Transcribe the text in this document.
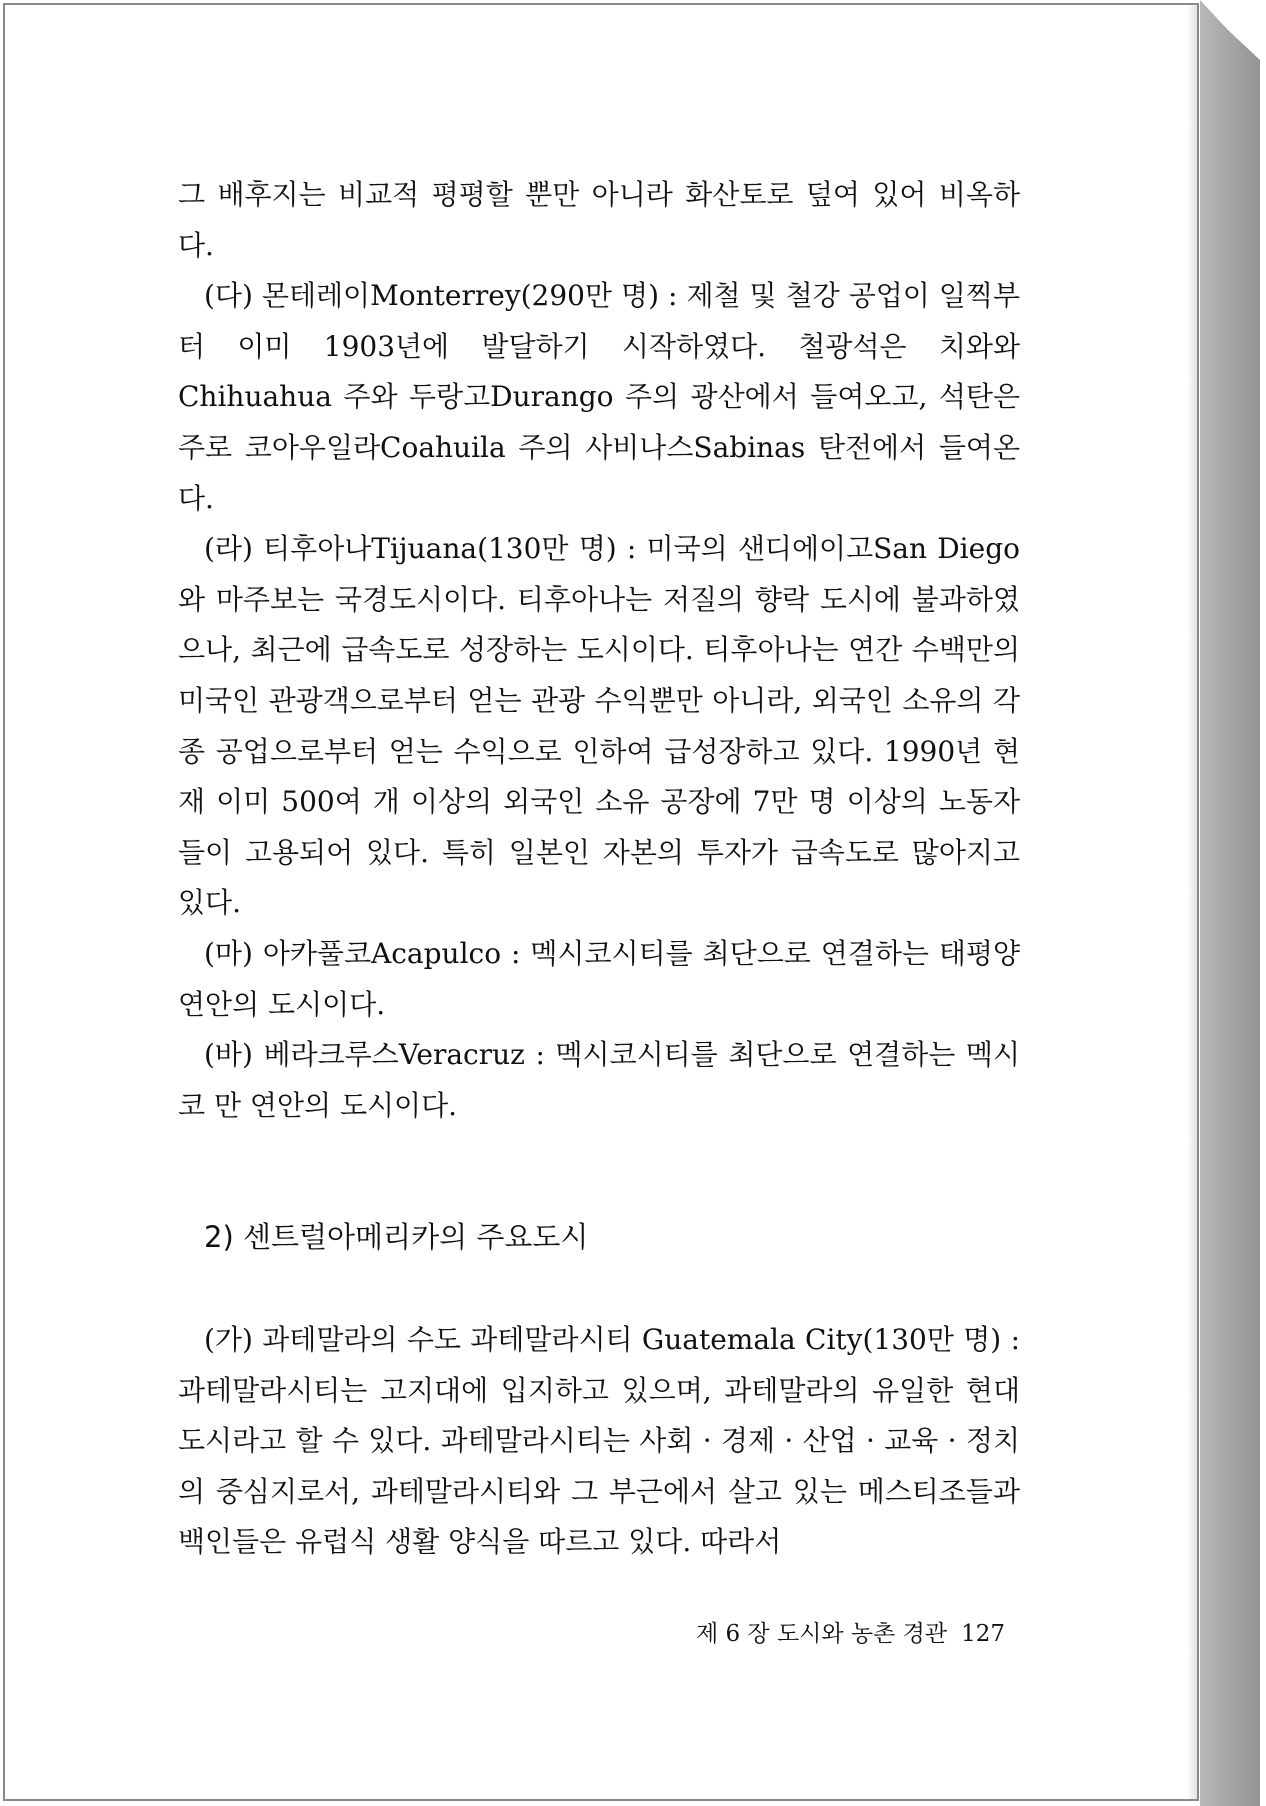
그 배후지는 비교적 평평할 뿐만 아니라 화산토로 덮여 있어 비옥하다.

(다) 몬테레이Monterrey(290만 명) : 제철 및 철강 공업이 일찍부터 이미 1903년에 발달하기 시작하였다. 철광석은 치와와Chihuahua 주와 두랑고Durango 주의 광산에서 들여오고, 석탄은 주로 코아우일라Coahuila 주의 사비나스Sabinas 탄전에서 들여온다.

(라) 티후아나Tijuana(130만 명) : 미국의 샌디에이고San Diego와 마주보는 국경도시이다. 티후아나는 저질의 향락 도시에 불과하였으나, 최근에 급속도로 성장하는 도시이다. 티후아나는 연간 수백만의 미국인 관광객으로부터 얻는 관광 수익뿐만 아니라, 외국인 소유의 각종 공업으로부터 얻는 수익으로 인하여 급성장하고 있다. 1990년 현재 이미 500여 개 이상의 외국인 소유 공장에 7만 명 이상의 노동자들이 고용되어 있다. 특히 일본인 자본의 투자가 급속도로 많아지고 있다.

(마) 아카풀코Acapulco : 멕시코시티를 최단으로 연결하는 태평양 연안의 도시이다.

(바) 베라크루스Veracruz : 멕시코시티를 최단으로 연결하는 멕시코 만 연안의 도시이다.

2) 센트럴아메리카의 주요도시

(가) 과테말라의 수도 과테말라시티 Guatemala City(130만 명) : 과테말라시티는 고지대에 입지하고 있으며, 과테말라의 유일한 현대도시라고 할 수 있다. 과테말라시티는 사회 · 경제 · 산업 · 교육 · 정치의 중심지로서, 과테말라시티와 그 부근에서 살고 있는 메스티조들과 백인들은 유럽식 생활 양식을 따르고 있다. 따라서

제 6 장 도시와 농촌 경관 127
